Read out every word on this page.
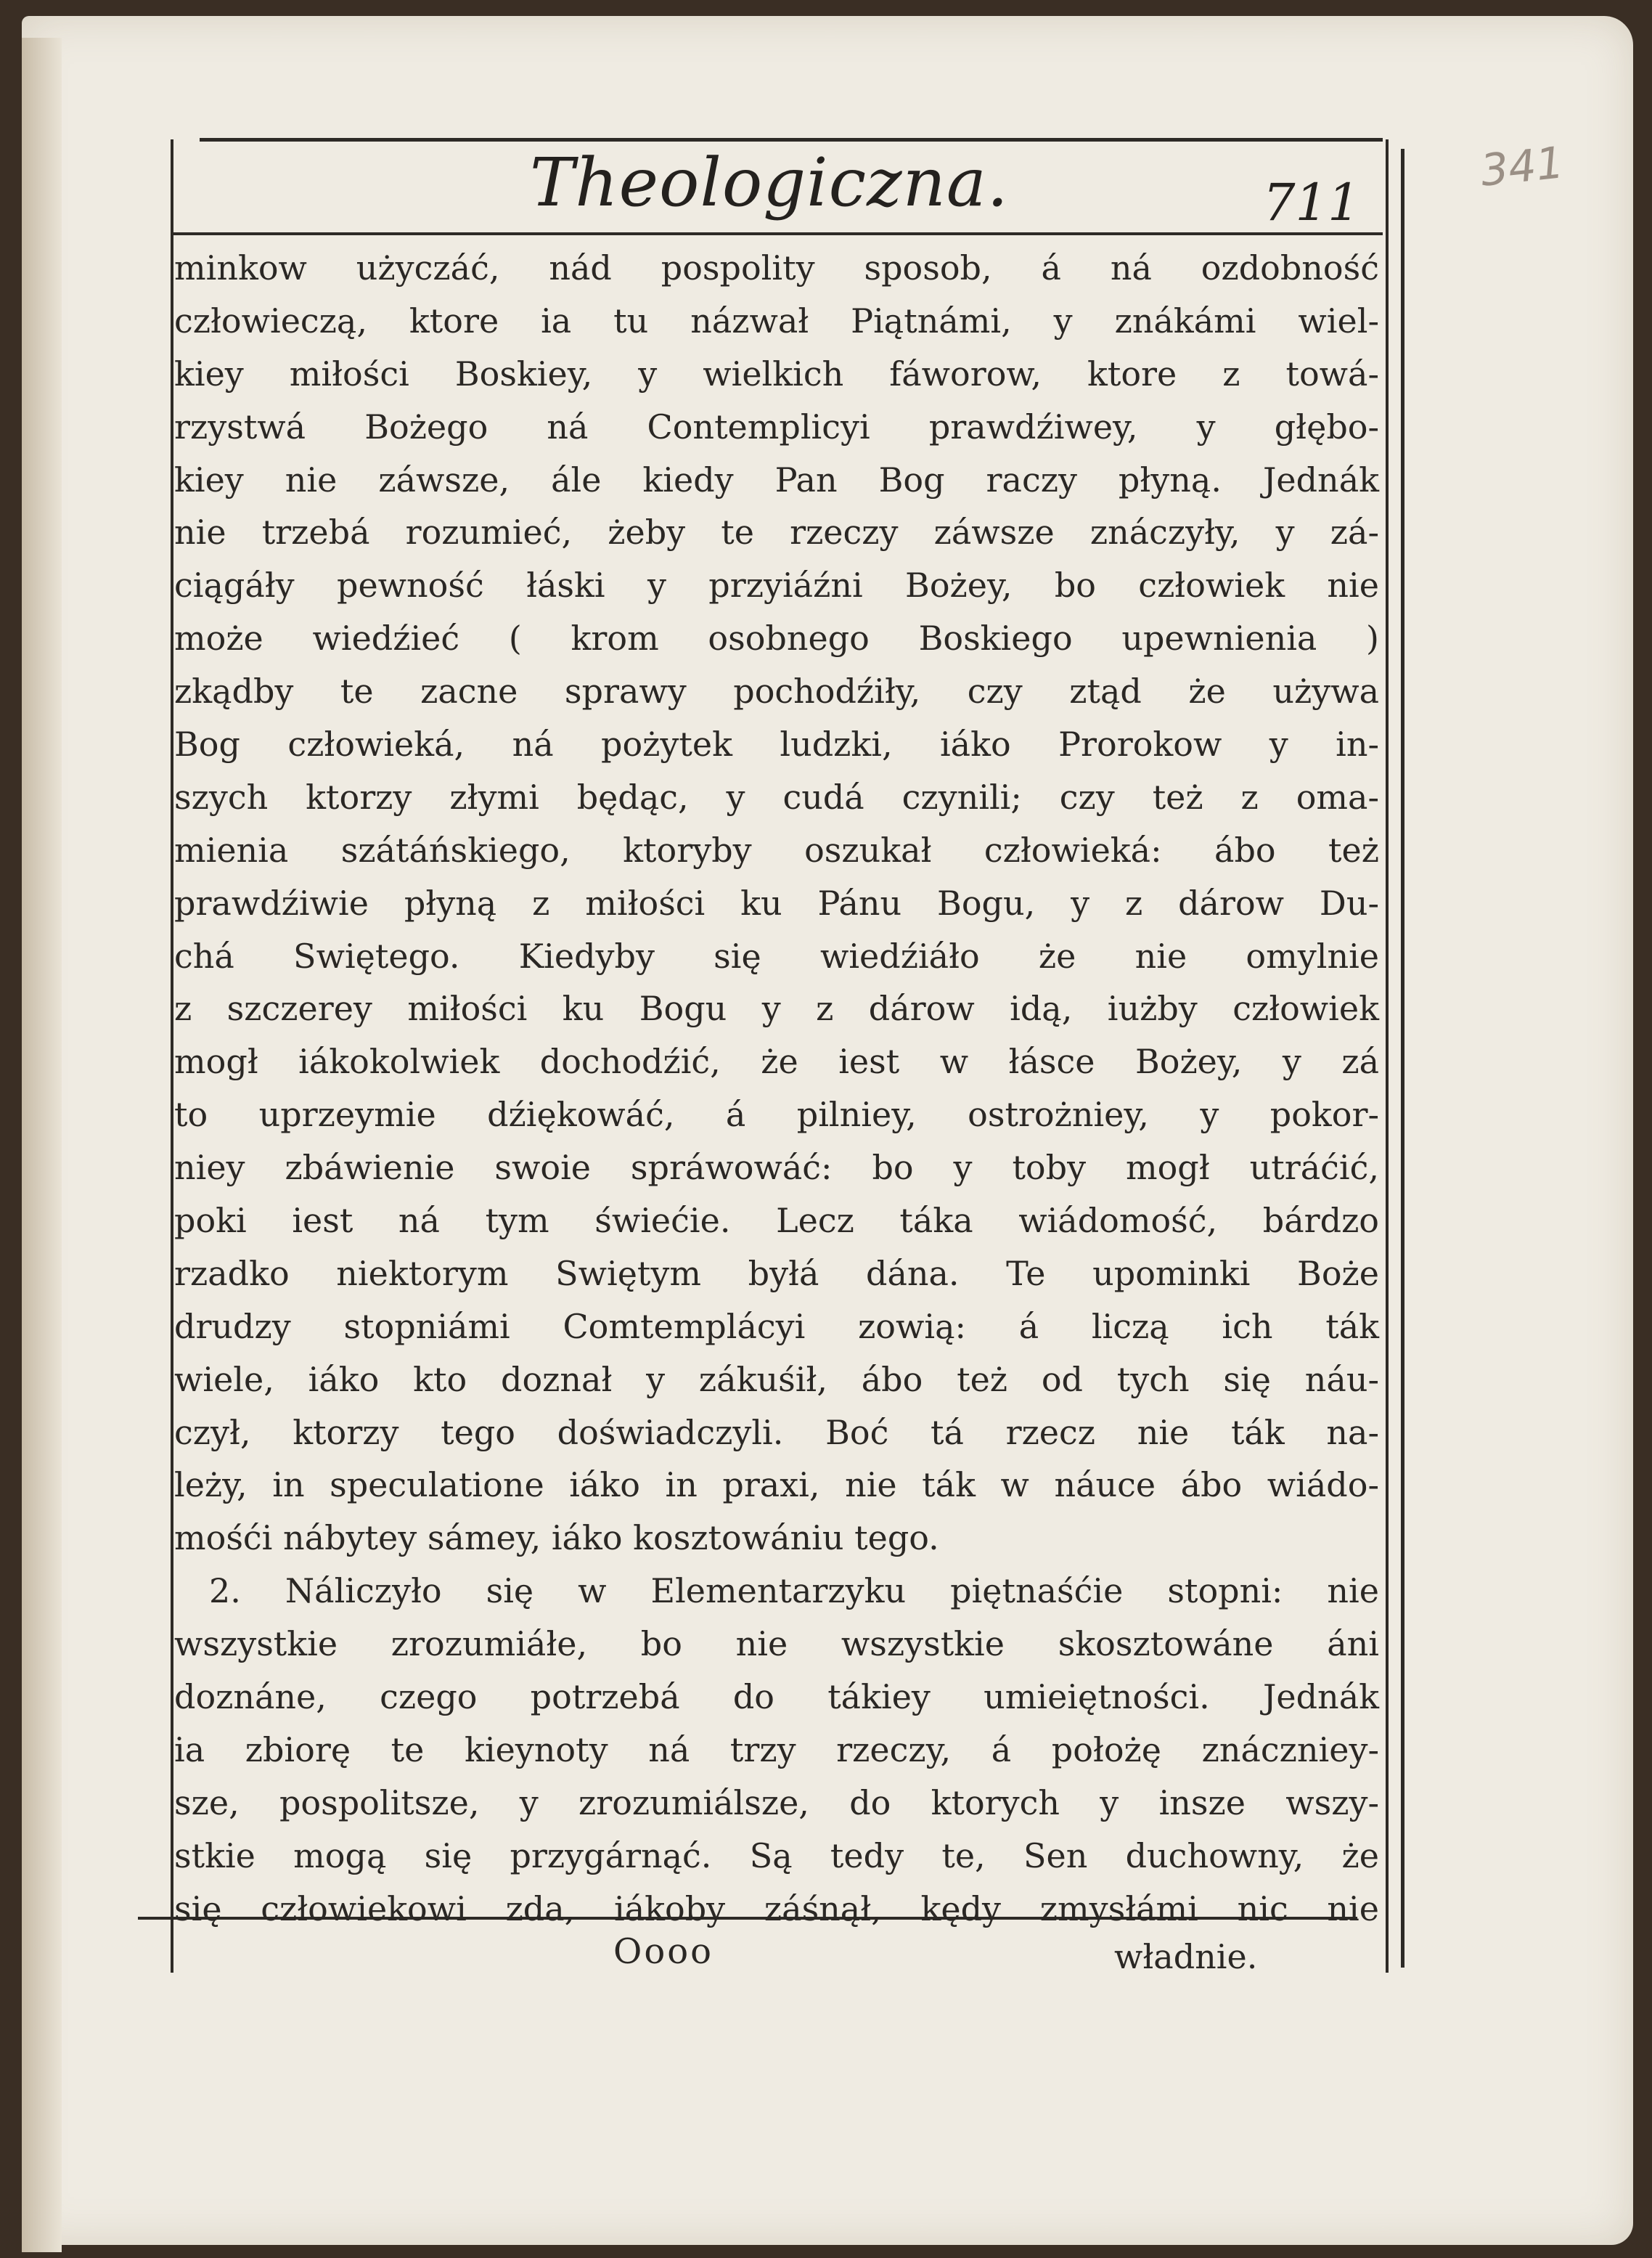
341
Theologiczna.	711
minkow użyczáć, nád pospolity sposob, á ná ozdobność
człowieczą, ktore ia tu názwał Piątnámi, y znákámi wiel-
kiey miłości Boskiey, y wielkich fáworow, ktore z towá-
rzystwá Bożego ná Contemplicyi prawdźiwey, y głębo-
kiey nie záwsze, ále kiedy Pan Bog raczy płyną. Jednák
nie trzebá rozumieć, żeby te rzeczy záwsze znáczyły, y zá-
ciągáły pewność łáski y przyiáźni Bożey, bo człowiek nie
może wiedźieć ( krom osobnego Boskiego upewnienia )
zkądby te zacne sprawy pochodźiły, czy ztąd że używa
Bog człowieká, ná pożytek ludzki, iáko Prorokow y in-
szych ktorzy złymi będąc, y cudá czynili; czy też z oma-
mienia szátáńskiego, ktoryby oszukał człowieká: ábo też
prawdźiwie płyną z miłości ku Pánu Bogu, y z dárow Du-
chá Swiętego. Kiedyby się wiedźiáło że nie omylnie
z szczerey miłości ku Bogu y z dárow idą, iużby człowiek
mogł iákokolwiek dochodźić, że iest w łásce Bożey, y zá
to uprzeymie dźiękowáć, á pilniey, ostrożniey, y pokor-
niey zbáwienie swoie spráwowáć: bo y toby mogł utráćić,
poki iest ná tym świećie. Lecz táka wiádomość, bárdzo
rzadko niektorym Swiętym byłá dána. Te upominki Boże
drudzy stopniámi Comtemplácyi zowią: á liczą ich ták
wiele, iáko kto doznał y zákuśił, ábo też od tych się náu-
czył, ktorzy tego doświadczyli. Boć tá rzecz nie ták na-
leży, in speculatione iáko in praxi, nie ták w náuce ábo wiádo-
mośći nábytey sámey, iáko kosztowániu tego.
2. Náliczyło się w Elementarzyku piętnaśćie stopni: nie
wszystkie zrozumiáłe, bo nie wszystkie skosztowáne áni
doznáne, czego potrzebá do tákiey umieiętności. Jednák
ia zbiorę te kieynoty ná trzy rzeczy, á położę znáczniey-
sze, pospolitsze, y zrozumiálsze, do ktorych y insze wszy-
stkie mogą się przygárnąć. Są tedy te, Sen duchowny, że
się człowiekowi zda, iákoby záśnął, kędy zmysłámi nic nie
Oooo	władnie.
